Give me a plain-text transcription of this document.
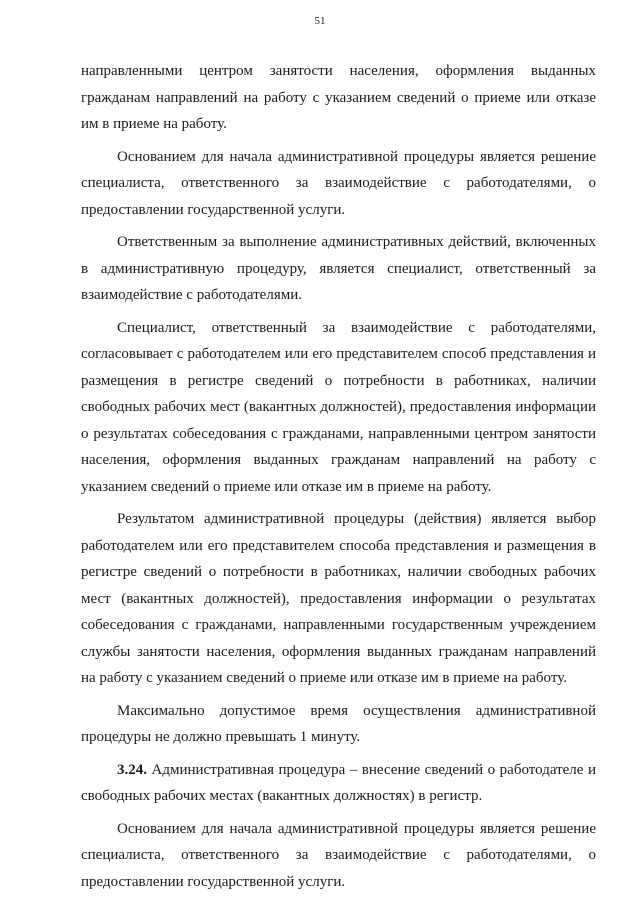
51

направленными центром занятости населения, оформления выданных гражданам направлений на работу с указанием сведений о приеме или отказе им в приеме на работу.

Основанием для начала административной процедуры является решение специалиста, ответственного за взаимодействие с работодателями, о предоставлении государственной услуги.

Ответственным за выполнение административных действий, включенных в административную процедуру, является специалист, ответственный за взаимодействие с работодателями.

Специалист, ответственный за взаимодействие с работодателями, согласовывает с работодателем или его представителем способ представления и размещения в регистре сведений о потребности в работниках, наличии свободных рабочих мест (вакантных должностей), предоставления информации о результатах собеседования с гражданами, направленными центром занятости населения, оформления выданных гражданам направлений на работу с указанием сведений о приеме или отказе им в приеме на работу.

Результатом административной процедуры (действия) является выбор работодателем или его представителем способа представления и размещения в регистре сведений о потребности в работниках, наличии свободных рабочих мест (вакантных должностей), предоставления информации о результатах собеседования с гражданами, направленными государственным учреждением службы занятости населения, оформления выданных гражданам направлений на работу с указанием сведений о приеме или отказе им в приеме на работу.

Максимально допустимое время осуществления административной процедуры не должно превышать 1 минуту.

3.24. Административная процедура – внесение сведений о работодателе и свободных рабочих местах (вакантных должностях) в регистр.

Основанием для начала административной процедуры является решение специалиста, ответственного за взаимодействие с работодателями, о предоставлении государственной услуги.
